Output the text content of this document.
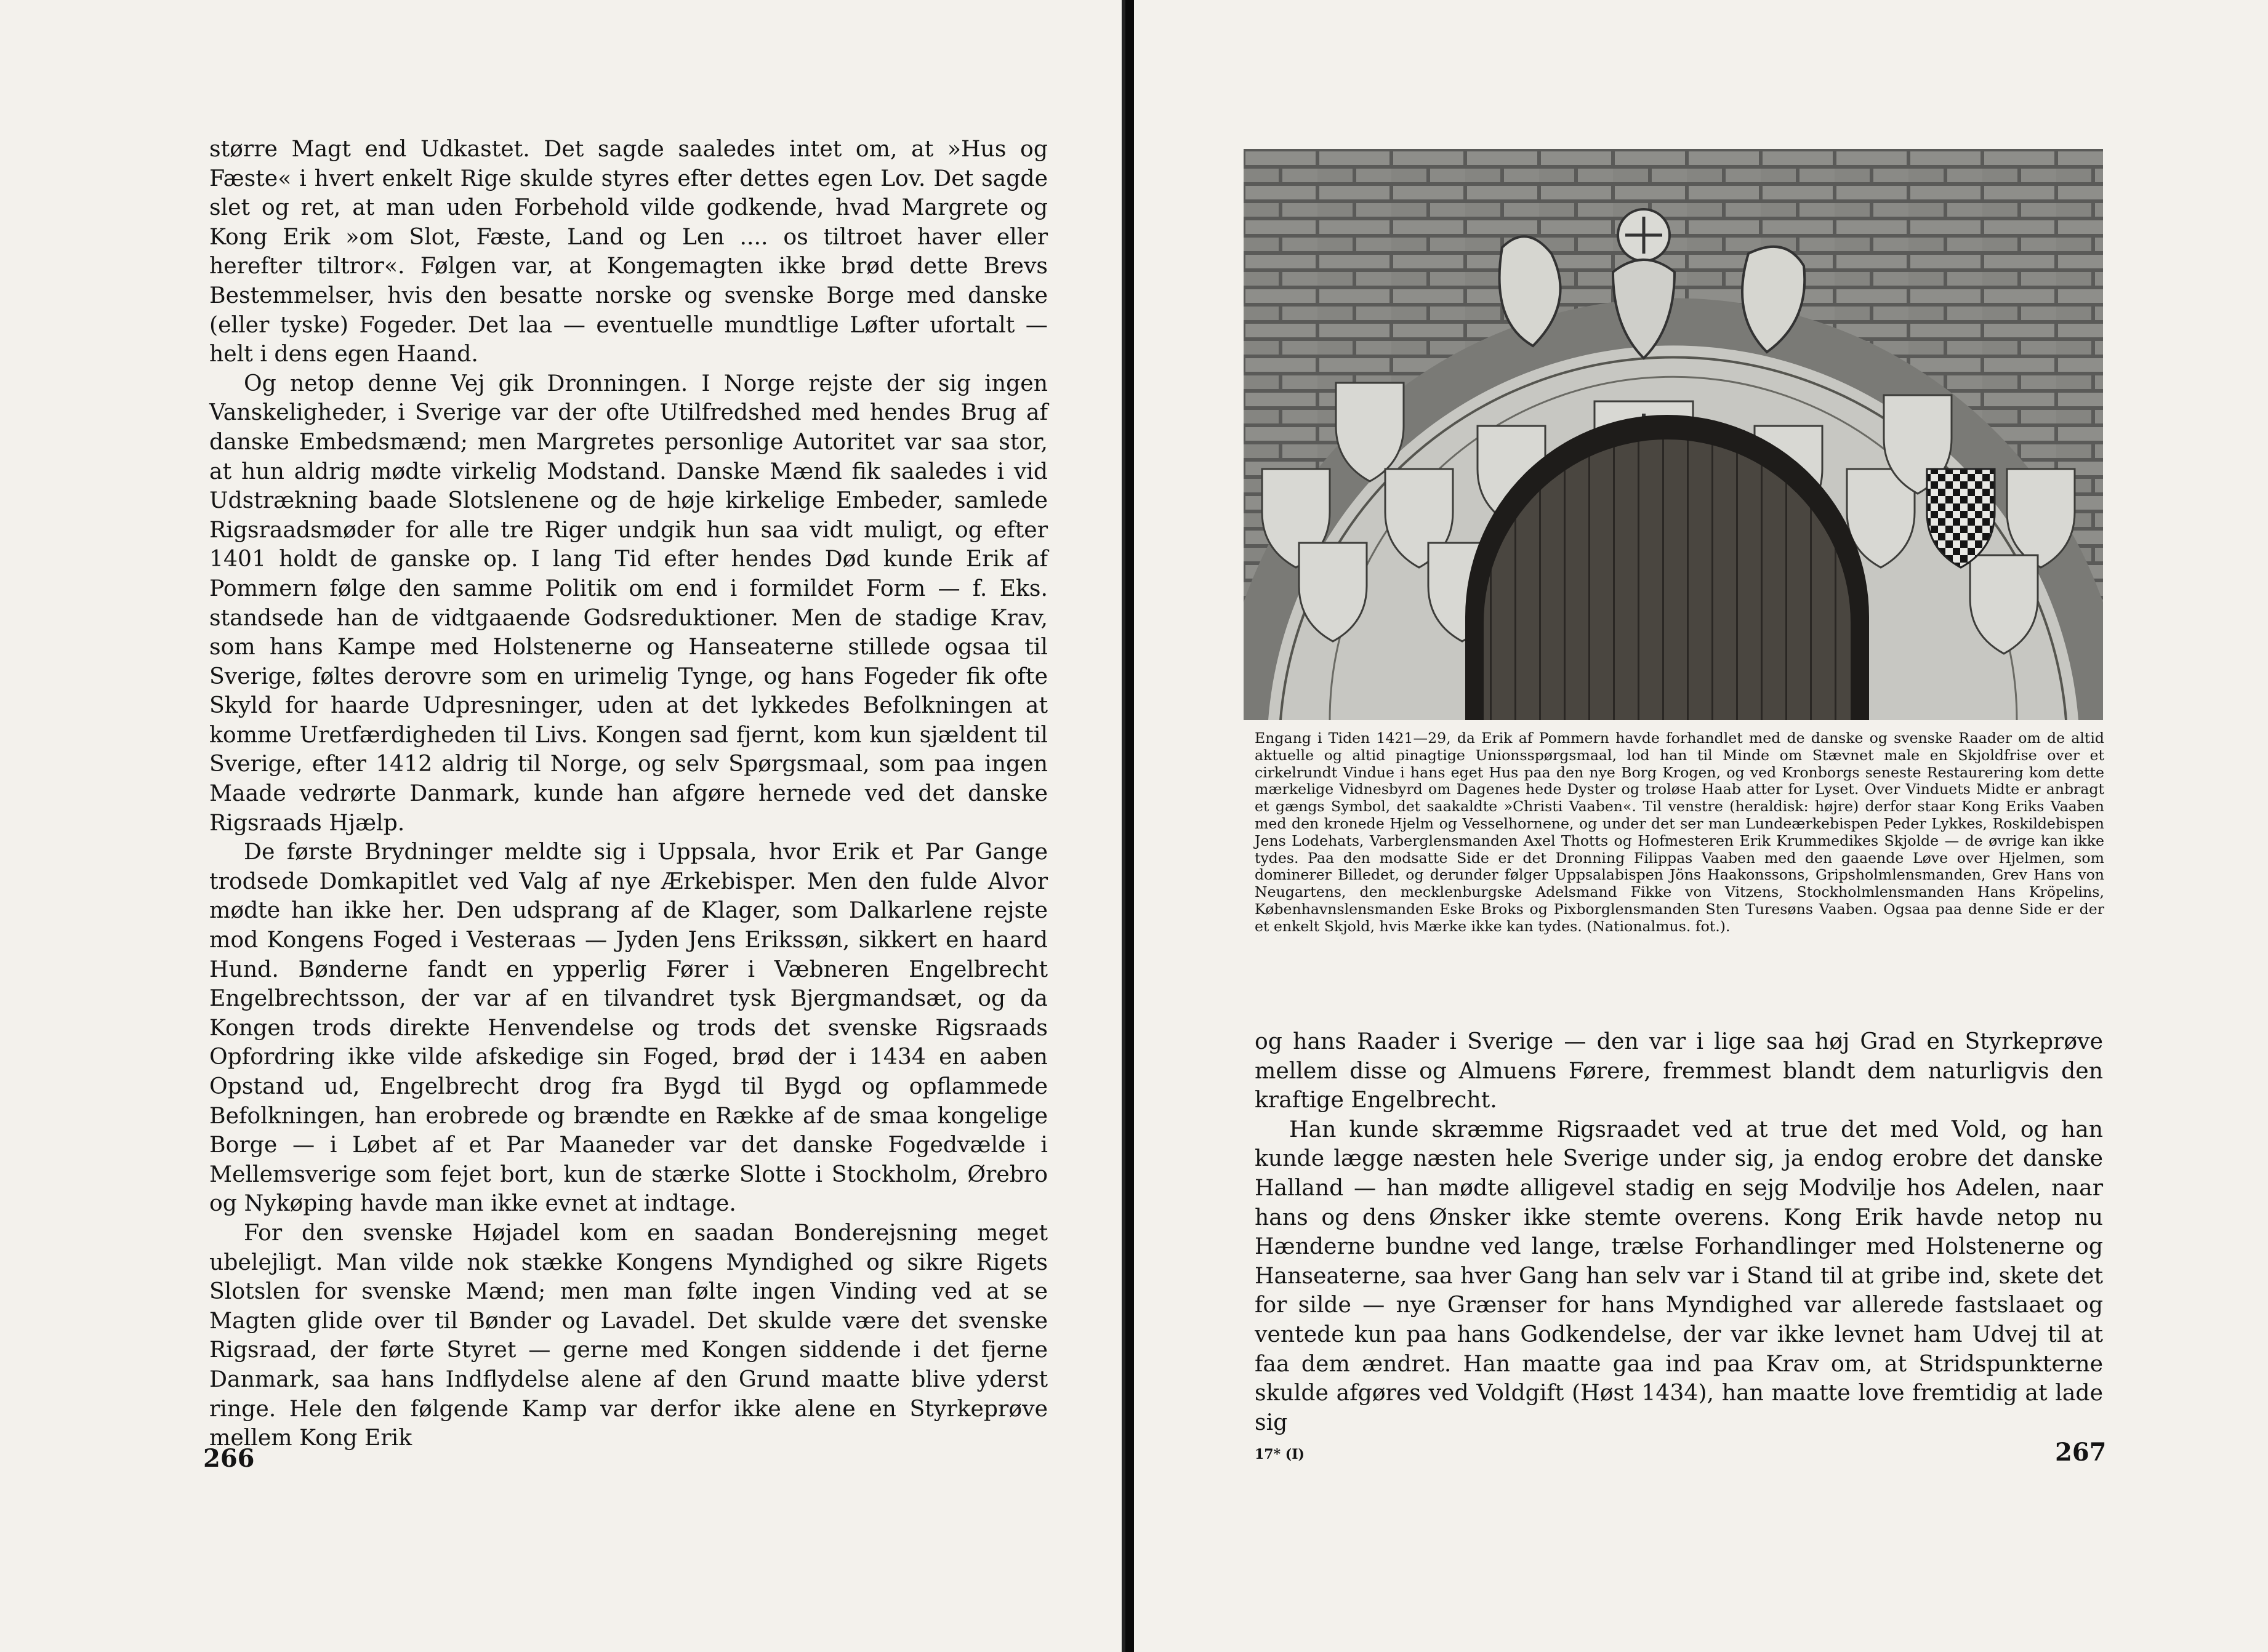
større Magt end Udkastet. Det sagde saaledes intet om, at »Hus og Fæste« i hvert enkelt Rige skulde styres efter dettes egen Lov. Det sagde slet og ret, at man uden Forbehold vilde godkende, hvad Margrete og Kong Erik »om Slot, Fæste, Land og Len .... os tiltroet haver eller herefter tiltror«. Følgen var, at Kongemagten ikke brød dette Brevs Bestemmelser, hvis den besatte norske og svenske Borge med danske (eller tyske) Fogeder. Det laa — eventuelle mundtlige Løfter ufortalt — helt i dens egen Haand.

Og netop denne Vej gik Dronningen. I Norge rejste der sig ingen Vanskeligheder, i Sverige var der ofte Utilfredshed med hendes Brug af danske Embedsmænd; men Margretes personlige Autoritet var saa stor, at hun aldrig mødte virkelig Modstand. Danske Mænd fik saaledes i vid Udstrækning baade Slotslenene og de høje kirkelige Embeder, samlede Rigsraadsmøder for alle tre Riger undgik hun saa vidt muligt, og efter 1401 holdt de ganske op. I lang Tid efter hendes Død kunde Erik af Pommern følge den samme Politik om end i formildet Form — f. Eks. standsede han de vidtgaaende Godsreduktioner. Men de stadige Krav, som hans Kampe med Holstenerne og Hanseaterne stillede ogsaa til Sverige, føltes derovre som en urimelig Tynge, og hans Fogeder fik ofte Skyld for haarde Udpresninger, uden at det lykkedes Befolkningen at komme Uretfærdigheden til Livs. Kongen sad fjernt, kom kun sjældent til Sverige, efter 1412 aldrig til Norge, og selv Spørgsmaal, som paa ingen Maade vedrørte Danmark, kunde han afgøre hernede ved det danske Rigsraads Hjælp.

De første Brydninger meldte sig i Uppsala, hvor Erik et Par Gange trodsede Domkapitlet ved Valg af nye Ærkebisper. Men den fulde Alvor mødte han ikke her. Den udsprang af de Klager, som Dalkarlene rejste mod Kongens Foged i Vesteraas — Jyden Jens Erikssøn, sikkert en haard Hund. Bønderne fandt en ypperlig Fører i Væbneren Engelbrecht Engelbrechtsson, der var af en tilvandret tysk Bjergmandsæt, og da Kongen trods direkte Henvendelse og trods det svenske Rigsraads Opfordring ikke vilde afskedige sin Foged, brød der i 1434 en aaben Opstand ud, Engelbrecht drog fra Bygd til Bygd og opflammede Befolkningen, han erobrede og brændte en Række af de smaa kongelige Borge — i Løbet af et Par Maaneder var det danske Fogedvælde i Mellemsverige som fejet bort, kun de stærke Slotte i Stockholm, Ørebro og Nykøping havde man ikke evnet at indtage.

For den svenske Højadel kom en saadan Bonderejsning meget ubelejligt. Man vilde nok stække Kongens Myndighed og sikre Rigets Slotslen for svenske Mænd; men man følte ingen Vinding ved at se Magten glide over til Bønder og Lavadel. Det skulde være det svenske Rigsraad, der førte Styret — gerne med Kongen siddende i det fjerne Danmark, saa hans Indflydelse alene af den Grund maatte blive yderst ringe. Hele den følgende Kamp var derfor ikke alene en Styrkeprøve mellem Kong Erik

266

Engang i Tiden 1421—29, da Erik af Pommern havde forhandlet med de danske og svenske Raader om de altid aktuelle og altid pinagtige Unionsspørgsmaal, lod han til Minde om Stævnet male en Skjoldfrise over et cirkelrundt Vindue i hans eget Hus paa den nye Borg Krogen, og ved Kronborgs seneste Restaurering kom dette mærkelige Vidnesbyrd om Dagenes hede Dyster og troløse Haab atter for Lyset. Over Vinduets Midte er anbragt et gængs Symbol, det saakaldte »Christi Vaaben«. Til venstre (heraldisk: højre) derfor staar Kong Eriks Vaaben med den kronede Hjelm og Vesselhornene, og under det ser man Lundeærkebispen Peder Lykkes, Roskildebispen Jens Lodehats, Varberglensmanden Axel Thotts og Hofmesteren Erik Krummedikes Skjolde — de øvrige kan ikke tydes. Paa den modsatte Side er det Dronning Filippas Vaaben med den gaaende Løve over Hjelmen, som dominerer Billedet, og derunder følger Uppsalabispen Jöns Haakonssons, Gripsholmlensmanden, Grev Hans von Neugartens, den mecklenburgske Adelsmand Fikke von Vitzens, Stockholmlensmanden Hans Kröpelins, Københavnslensmanden Eske Broks og Pixborglensmanden Sten Turesøns Vaaben. Ogsaa paa denne Side er der et enkelt Skjold, hvis Mærke ikke kan tydes. (Nationalmus. fot.).

og hans Raader i Sverige — den var i lige saa høj Grad en Styrkeprøve mellem disse og Almuens Førere, fremmest blandt dem naturligvis den kraftige Engelbrecht.

Han kunde skræmme Rigsraadet ved at true det med Vold, og han kunde lægge næsten hele Sverige under sig, ja endog erobre det danske Halland — han mødte alligevel stadig en sejg Modvilje hos Adelen, naar hans og dens Ønsker ikke stemte overens. Kong Erik havde netop nu Hænderne bundne ved lange, trælse Forhandlinger med Holstenerne og Hanseaterne, saa hver Gang han selv var i Stand til at gribe ind, skete det for silde — nye Grænser for hans Myndighed var allerede fastslaaet og ventede kun paa hans Godkendelse, der var ikke levnet ham Udvej til at faa dem ændret. Han maatte gaa ind paa Krav om, at Stridspunkterne skulde afgøres ved Voldgift (Høst 1434), han maatte love fremtidig at lade sig

17* (I)	267
